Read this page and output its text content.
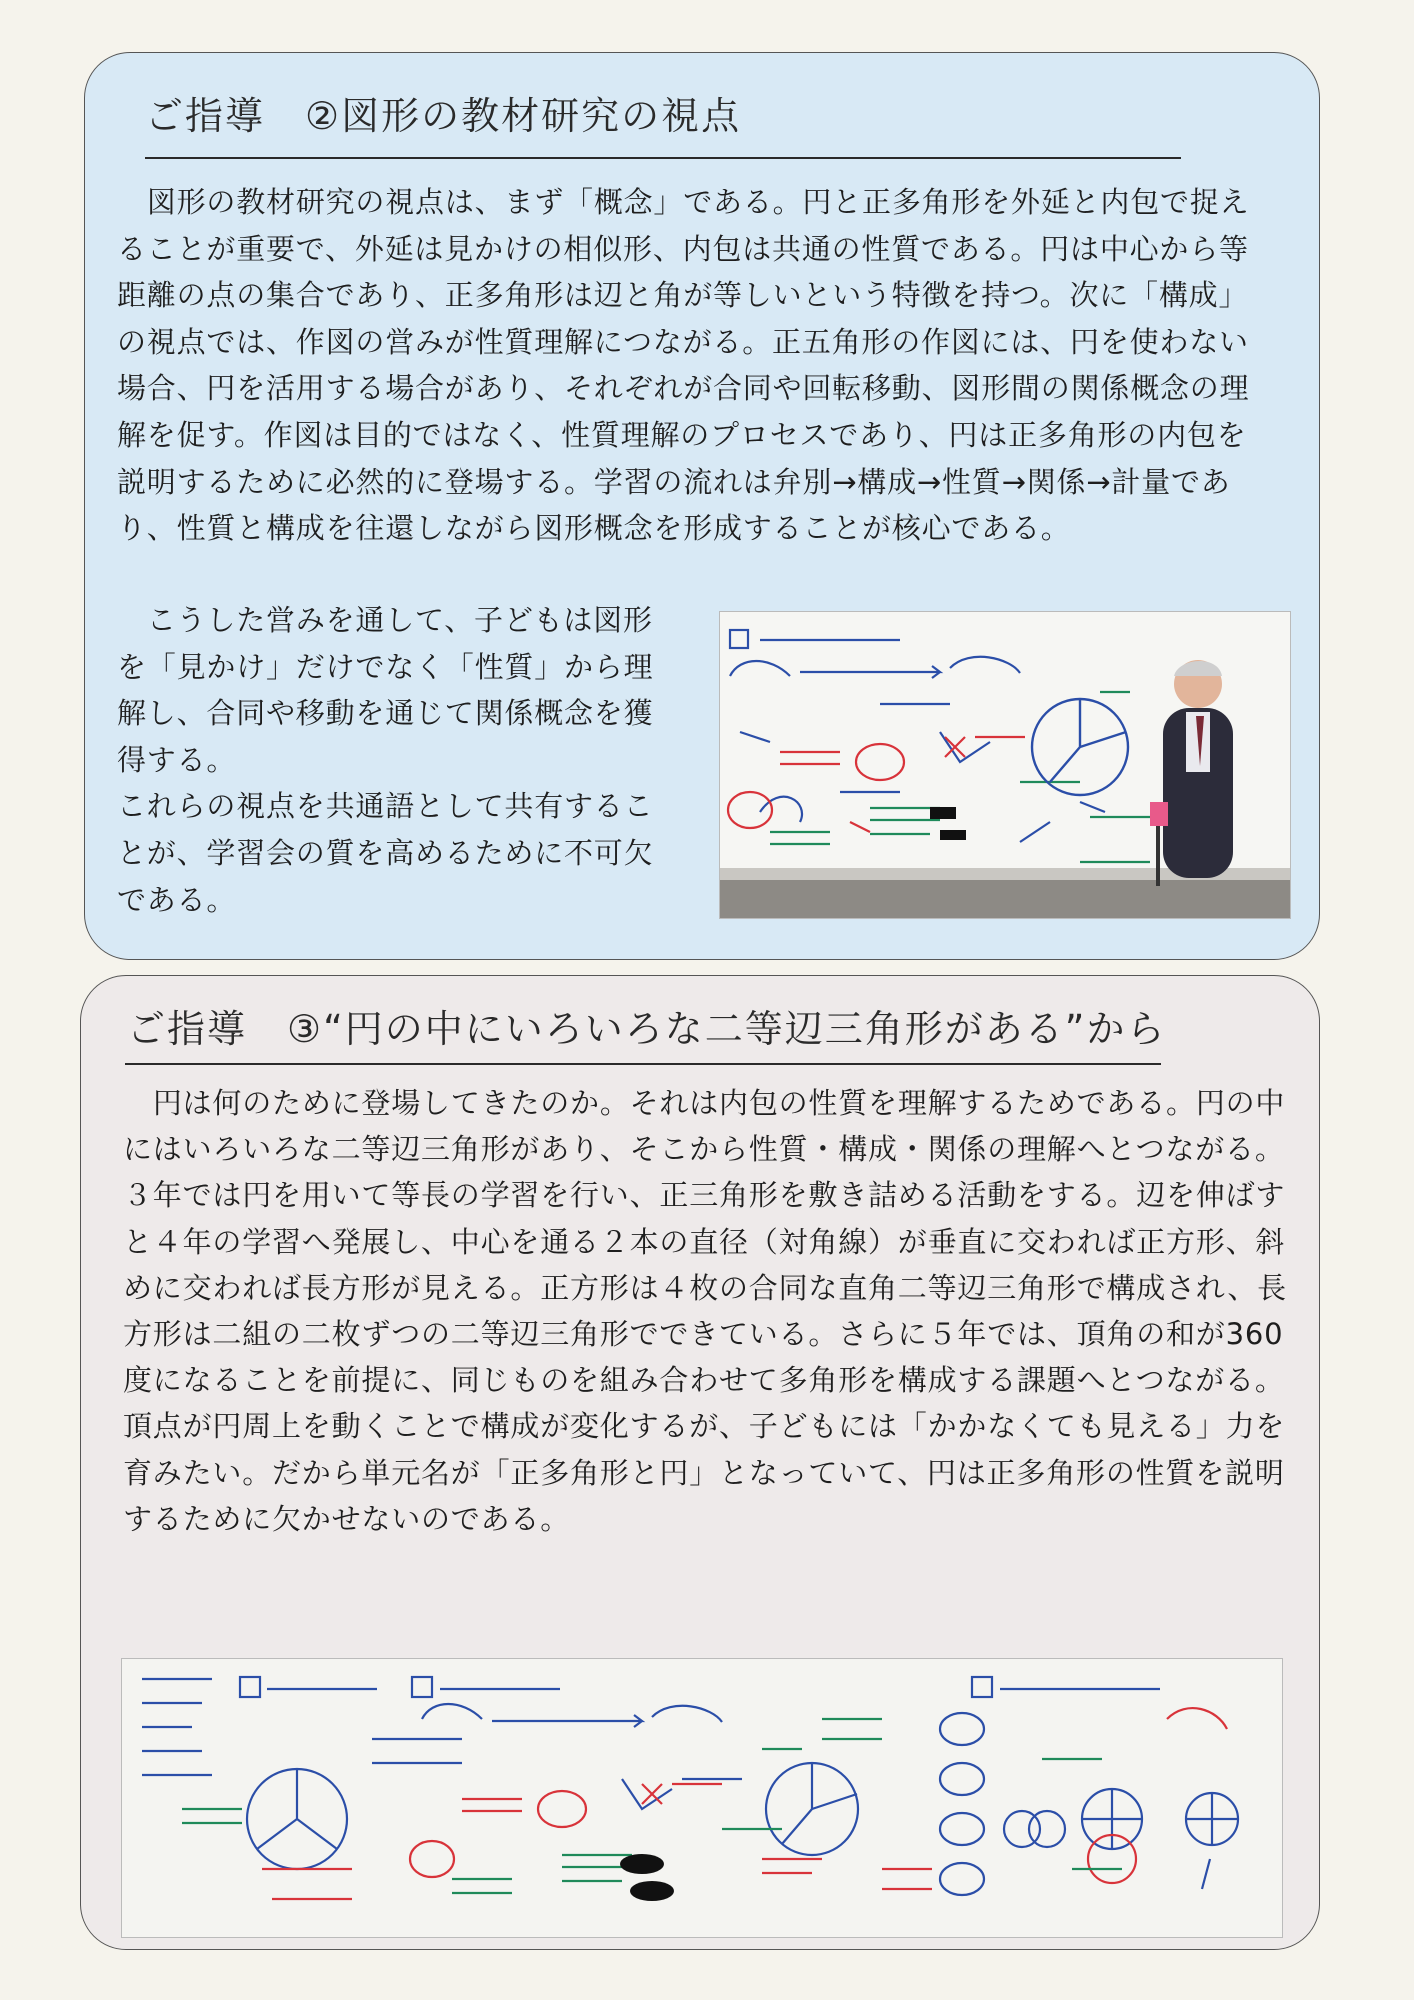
ご指導　②図形の教材研究の視点

　図形の教材研究の視点は、まず「概念」である。円と正多角形を外延と内包で捉えることが重要で、外延は見かけの相似形、内包は共通の性質である。円は中心から等距離の点の集合であり、正多角形は辺と角が等しいという特徴を持つ。次に「構成」の視点では、作図の営みが性質理解につながる。正五角形の作図には、円を使わない場合、円を活用する場合があり、それぞれが合同や回転移動、図形間の関係概念の理解を促す。作図は目的ではなく、性質理解のプロセスであり、円は正多角形の内包を説明するために必然的に登場する。学習の流れは弁別→構成→性質→関係→計量であり、性質と構成を往還しながら図形概念を形成することが核心である。

　こうした営みを通して、子どもは図形を「見かけ」だけでなく「性質」から理解し、合同や移動を通じて関係概念を獲得する。
これらの視点を共通語として共有することが、学習会の質を高めるために不可欠である。
ご指導　③“円の中にいろいろな二等辺三角形がある”から

　円は何のために登場してきたのか。それは内包の性質を理解するためである。円の中にはいろいろな二等辺三角形があり、そこから性質・構成・関係の理解へとつながる。３年では円を用いて等長の学習を行い、正三角形を敷き詰める活動をする。辺を伸ばすと４年の学習へ発展し、中心を通る２本の直径（対角線）が垂直に交われば正方形、斜めに交われば長方形が見える。正方形は４枚の合同な直角二等辺三角形で構成され、長方形は二組の二枚ずつの二等辺三角形でできている。さらに５年では、頂角の和が360度になることを前提に、同じものを組み合わせて多角形を構成する課題へとつながる。頂点が円周上を動くことで構成が変化するが、子どもには「かかなくても見える」力を育みたい。だから単元名が「正多角形と円」となっていて、円は正多角形の性質を説明するために欠かせないのである。
